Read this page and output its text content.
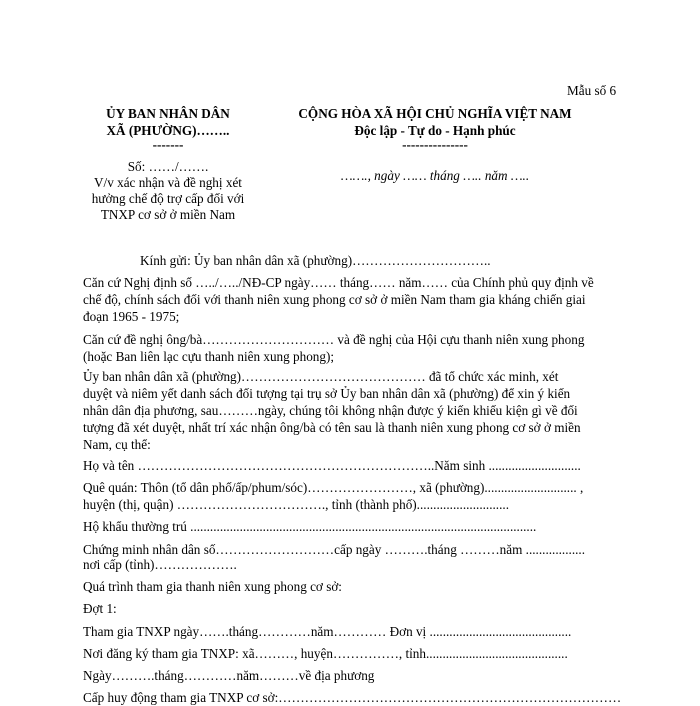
Mẫu số 6
ỦY BAN NHÂN DÂN
XÃ (PHƯỜNG)……..
-------
Số: ……/…….
V/v xác nhận và đề nghị xét
hưởng chế độ trợ cấp đối với
TNXP cơ sở ở miền Nam
CỘNG HÒA XÃ HỘI CHỦ NGHĨA VIỆT NAM
Độc lập - Tự do - Hạnh phúc
---------------
……., ngày …… tháng ….. năm …..
Kính gửi: Ủy ban nhân dân xã (phường)…………………………..
Căn cứ Nghị định số …../…../NĐ-CP ngày…… tháng…… năm…… của Chính phủ quy định về
chế độ, chính sách đối với thanh niên xung phong cơ sở ở miền Nam tham gia kháng chiến giai
đoạn 1965 - 1975;
Căn cứ đề nghị ông/bà………………………… và đề nghị của Hội cựu thanh niên xung phong
(hoặc Ban liên lạc cựu thanh niên xung phong);
Ủy ban nhân dân xã (phường)…………………………………… đã tổ chức xác minh, xét
duyệt và niêm yết danh sách đối tượng tại trụ sở Ủy ban nhân dân xã (phường) để xin ý kiến
nhân dân địa phương, sau………ngày, chúng tôi không nhận được ý kiến khiếu kiện gì về đối
tượng đã xét duyệt, nhất trí xác nhận ông/bà có tên sau là thanh niên xung phong cơ sở ở miền
Nam, cụ thể:
Họ và tên …………………………………………………………..Năm sinh ............................
Quê quán: Thôn (tổ dân phố/ấp/phum/sóc)……………………, xã (phường)............................ ,
huyện (thị, quận) ……………………………., tỉnh (thành phố)............................
Hộ khẩu thường trú .........................................................................................................
Chứng minh nhân dân số………………………cấp ngày ……….tháng ………năm ..................
nơi cấp (tỉnh)……………….
Quá trình tham gia thanh niên xung phong cơ sở:
Đợt 1:
Tham gia TNXP ngày…….tháng…………năm………… Đơn vị ...........................................
Nơi đăng ký tham gia TNXP: xã………, huyện……………, tỉnh...........................................
Ngày……….tháng…………năm………về địa phương
Cấp huy động tham gia TNXP cơ sở:……………………………………………………………………
